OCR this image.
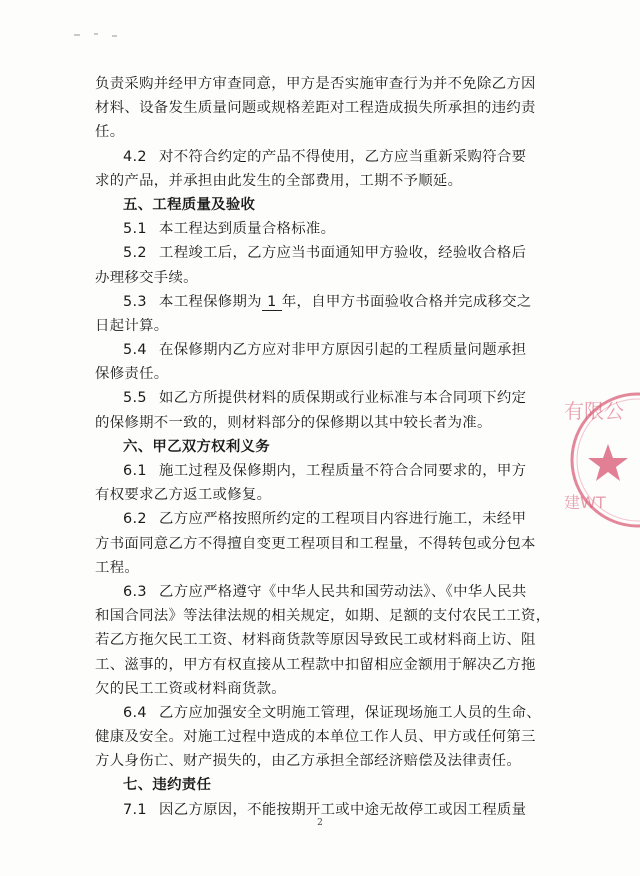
负责采购并经甲方审查同意，甲方是否实施审查行为并不免除乙方因
材料、设备发生质量问题或规格差距对工程造成损失所承担的违约责
任。
4.2 对不符合约定的产品不得使用，乙方应当重新采购符合要
求的产品，并承担由此发生的全部费用，工期不予顺延。
五、工程质量及验收
5.1 本工程达到质量合格标准。
5.2 工程竣工后，乙方应当书面通知甲方验收，经验收合格后
办理移交手续。
5.3 本工程保修期为 1 年，自甲方书面验收合格并完成移交之
日起计算。
5.4 在保修期内乙方应对非甲方原因引起的工程质量问题承担
保修责任。
5.5 如乙方所提供材料的质保期或行业标准与本合同项下约定
的保修期不一致的，则材料部分的保修期以其中较长者为准。
六、甲乙双方权利义务
6.1 施工过程及保修期内，工程质量不符合合同要求的，甲方
有权要求乙方返工或修复。
6.2 乙方应严格按照所约定的工程项目内容进行施工，未经甲
方书面同意乙方不得擅自变更工程项目和工程量，不得转包或分包本
工程。
6.3 乙方应严格遵守《中华人民共和国劳动法》、《中华人民共
和国合同法》等法律法规的相关规定，如期、足额的支付农民工工资，
若乙方拖欠民工工资、材料商货款等原因导致民工或材料商上访、阻
工、滋事的，甲方有权直接从工程款中扣留相应金额用于解决乙方拖
欠的民工工资或材料商货款。
6.4 乙方应加强安全文明施工管理，保证现场施工人员的生命、
健康及安全。对施工过程中造成的本单位工作人员、甲方或任何第三
方人身伤亡、财产损失的，由乙方承担全部经济赔偿及法律责任。
七、违约责任
7.1 因乙方原因，不能按期开工或中途无故停工或因工程质量
有限公
建WT
2
